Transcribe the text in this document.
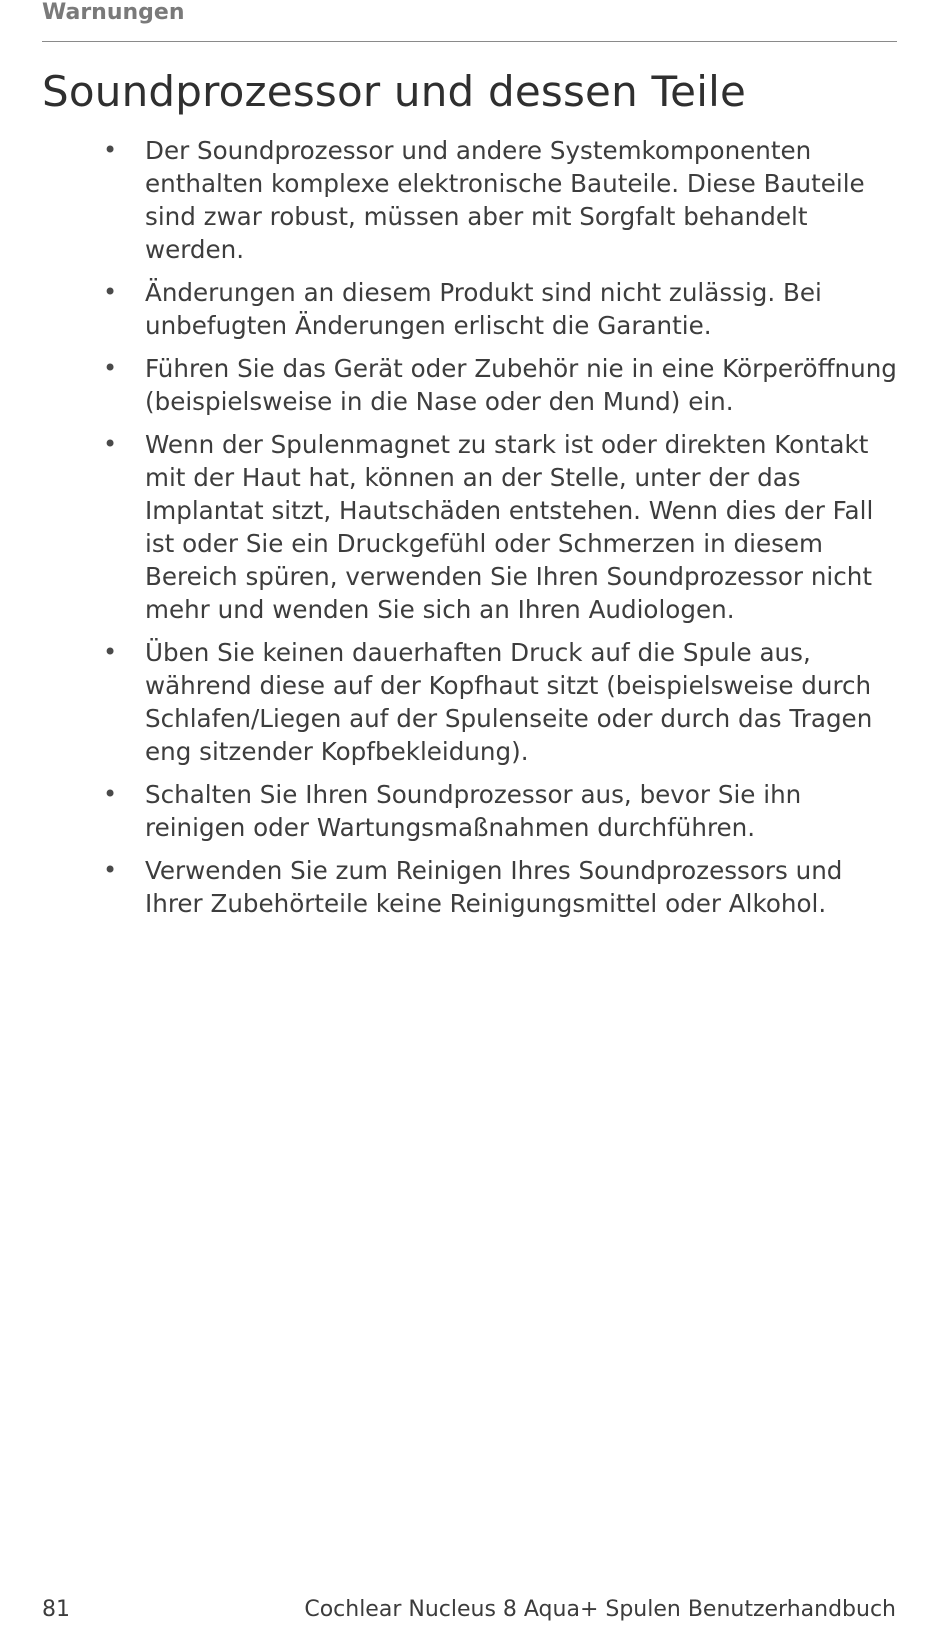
Warnungen
Soundprozessor und dessen Teile
• Der Soundprozessor und andere Systemkomponenten enthalten komplexe elektronische Bauteile. Diese Bauteile sind zwar robust, müssen aber mit Sorgfalt behandelt werden.
• Änderungen an diesem Produkt sind nicht zulässig. Bei unbefugten Änderungen erlischt die Garantie.
• Führen Sie das Gerät oder Zubehör nie in eine Körperöffnung (beispielsweise in die Nase oder den Mund) ein.
• Wenn der Spulenmagnet zu stark ist oder direkten Kontakt mit der Haut hat, können an der Stelle, unter der das Implantat sitzt, Hautschäden entstehen. Wenn dies der Fall ist oder Sie ein Druckgefühl oder Schmerzen in diesem Bereich spüren, verwenden Sie Ihren Soundprozessor nicht mehr und wenden Sie sich an Ihren Audiologen.
• Üben Sie keinen dauerhaften Druck auf die Spule aus, während diese auf der Kopfhaut sitzt (beispielsweise durch Schlafen/Liegen auf der Spulenseite oder durch das Tragen eng sitzender Kopfbekleidung).
• Schalten Sie Ihren Soundprozessor aus, bevor Sie ihn reinigen oder Wartungsmaßnahmen durchführen.
• Verwenden Sie zum Reinigen Ihres Soundprozessors und Ihrer Zubehörteile keine Reinigungsmittel oder Alkohol.
81	Cochlear Nucleus 8 Aqua+ Spulen Benutzerhandbuch
